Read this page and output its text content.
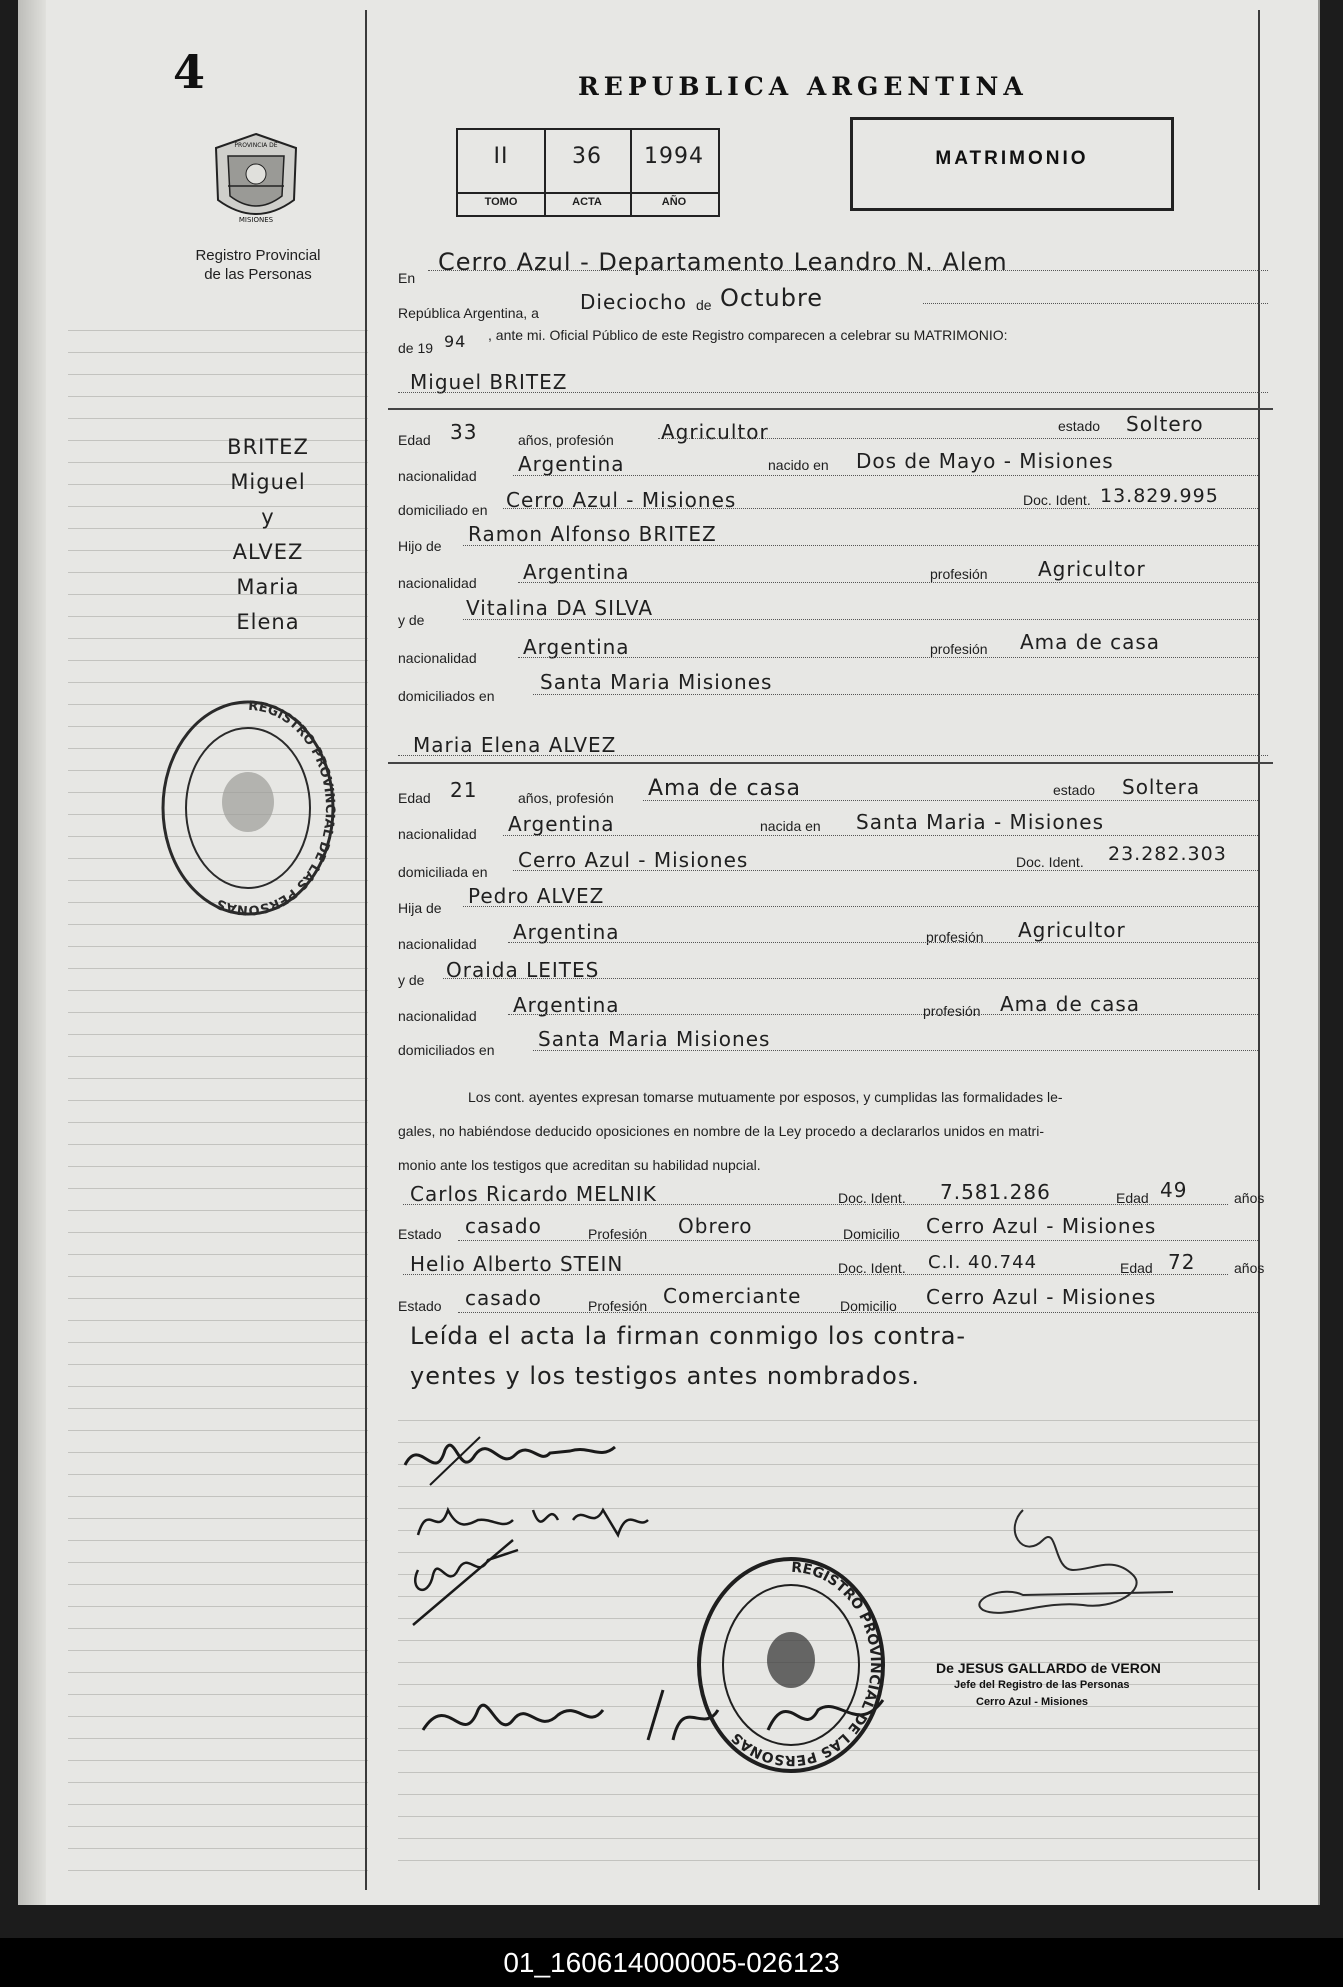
4
PROVINCIA DE
MISIONES
Registro Provincial
de las Personas
REPUBLICA ARGENTINA
II	36	1994
TOMO	ACTA	AÑO
MATRIMONIO
BRITEZ
Miguel
y
ALVEZ
Maria
Elena
REGISTRO PROVINCIAL DE LAS PERSONAS
En
Cerro Azul - Departamento Leandro N. Alem
República Argentina, a Dieciocho de Octubre
de 19 94 , ante mi. Oficial Público de este Registro comparecen a celebrar su MATRIMONIO:
Miguel BRITEZ
Edad 33	años, profesión Agricultor	estado Soltero
nacionalidad Argentina	nacido en Dos de Mayo - Misiones
domiciliado en Cerro Azul - Misiones	Doc. Ident. 13.829.995
Hijo de Ramon Alfonso BRITEZ
nacionalidad Argentina	profesión	Agricultor
y de Vitalina DA SILVA
nacionalidad Argentina	profesión Ama de casa
domiciliados en
Santa Maria Misiones
Maria Elena ALVEZ
Edad 21	años, profesión Ama de casa	estado Soltera
nacionalidad Argentina	nacida en Santa Maria - Misiones
domiciliada en Cerro Azul - Misiones	Doc. Ident. 23.282.303
Hija de Pedro ALVEZ
nacionalidad Argentina	profesión Agricultor
y de Oraida LEITES
nacionalidad Argentina	profesión Ama de casa
domiciliados en Santa Maria Misiones
Los cont. ayentes expresan tomarse mutuamente por esposos, y cumplidas las formalidades le-
gales, no habiéndose deducido oposiciones en nombre de la Ley procedo a declararlos unidos en matri-
monio ante los testigos que acreditan su habilidad nupcial.
Carlos Ricardo MELNIK	Doc. Ident. 7.581.286	Edad 49	años
Estado casado	Profesión Obrero	Domicilio Cerro Azul - Misiones
Helio Alberto STEIN	Doc. Ident. C.I. 40.744	Edad 72	años
Estado casado	Profesión Comerciante	Domicilio Cerro Azul - Misiones
Leída el acta la firman conmigo los contra-
yentes y los testigos antes nombrados.
REGISTRO PROVINCIAL DE LAS PERSONAS
De JESUS GALLARDO de VERON
Jefe del Registro de las Personas
Cerro Azul - Misiones
01_160614000005-026123
